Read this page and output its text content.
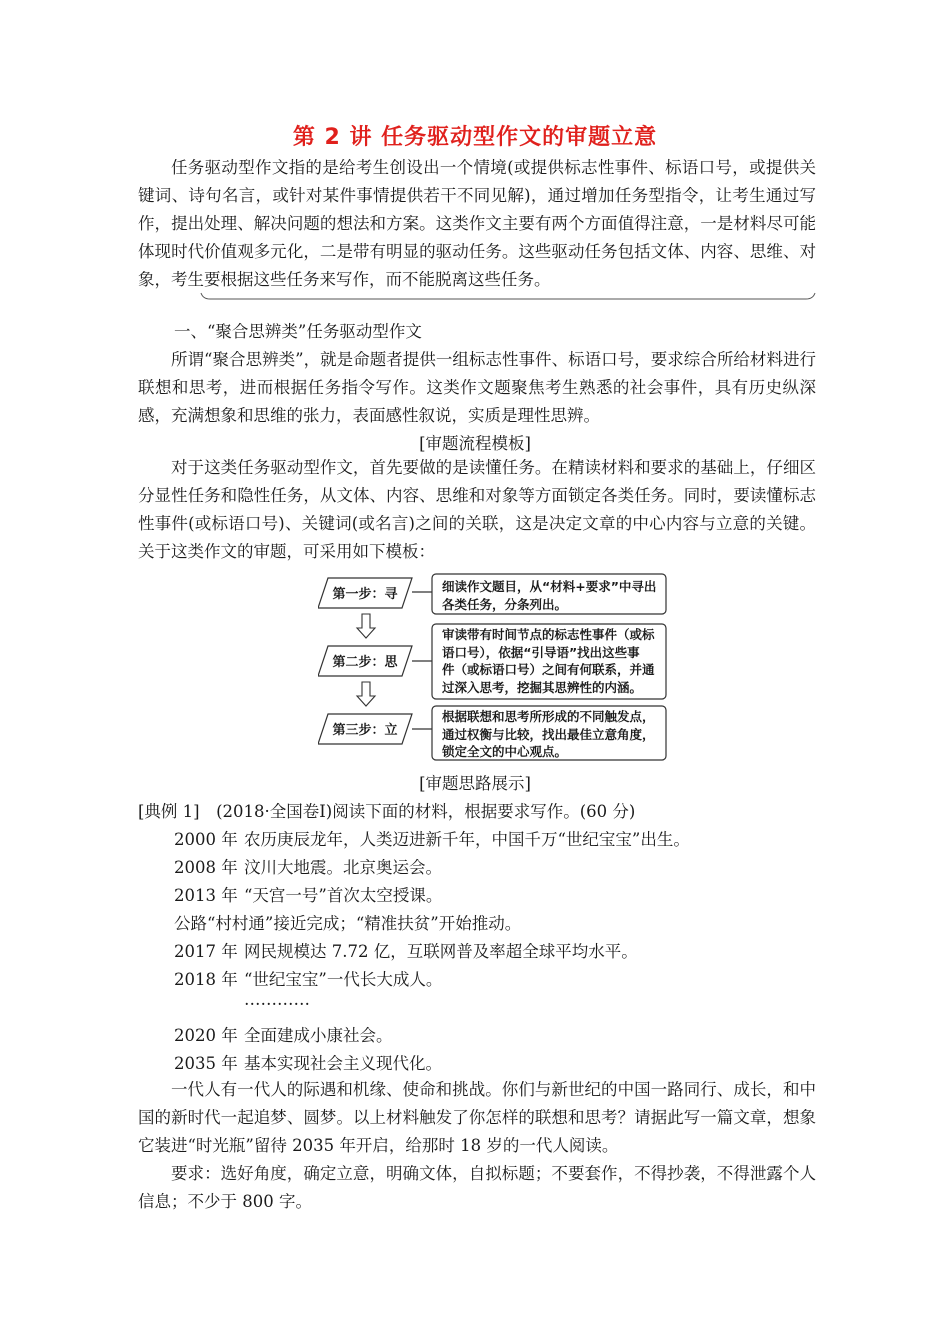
第 2 讲 任务驱动型作文的审题立意

任务驱动型作文指的是给考生创设出一个情境(或提供标志性事件、标语口号，或提供关键词、诗句名言，或针对某件事情提供若干不同见解)，通过增加任务型指令，让考生通过写作，提出处理、解决问题的想法和方案。这类作文主要有两个方面值得注意，一是材料尽可能体现时代价值观多元化，二是带有明显的驱动任务。这些驱动任务包括文体、内容、思维、对象，考生要根据这些任务来写作，而不能脱离这些任务。

一、“聚合思辨类”任务驱动型作文

所谓“聚合思辨类”，就是命题者提供一组标志性事件、标语口号，要求综合所给材料进行联想和思考，进而根据任务指令写作。这类作文题聚焦考生熟悉的社会事件，具有历史纵深感，充满想象和思维的张力，表面感性叙说，实质是理性思辨。

[审题流程模板]

对于这类任务驱动型作文，首先要做的是读懂任务。在精读材料和要求的基础上，仔细区分显性任务和隐性任务，从文体、内容、思维和对象等方面锁定各类任务。同时，要读懂标志性事件(或标语口号)、关键词(或名言)之间的关联，这是决定文章的中心内容与立意的关键。关于这类作文的审题，可采用如下模板：

第一步：寻
第二步：思
第三步：立
细读作文题目，从“材料+要求”中寻出
各类任务，分条列出。
审读带有时间节点的标志性事件（或标
语口号），依据“引导语”找出这些事
件（或标语口号）之间有何联系，并通
过深入思考，挖掘其思辨性的内涵。
根据联想和思考所形成的不同触发点，
通过权衡与比较，找出最佳立意角度，
锁定全文的中心观点。
[审题思路展示]
[典例 1]　(2018·全国卷Ⅰ)阅读下面的材料，根据要求写作。(60 分)
2000 年 农历庚辰龙年，人类迈进新千年，中国千万“世纪宝宝”出生。
2008 年 汶川大地震。北京奥运会。
2013 年 “天宫一号”首次太空授课。
公路“村村通”接近完成；“精准扶贫”开始推动。
2017 年 网民规模达 7.72 亿，互联网普及率超全球平均水平。
2018 年 “世纪宝宝”一代长大成人。
…………
2020 年 全面建成小康社会。
2035 年 基本实现社会主义现代化。

一代人有一代人的际遇和机缘、使命和挑战。你们与新世纪的中国一路同行、成长，和中国的新时代一起追梦、圆梦。以上材料触发了你怎样的联想和思考？请据此写一篇文章，想象它装进“时光瓶”留待 2035 年开启，给那时 18 岁的一代人阅读。

要求：选好角度，确定立意，明确文体，自拟标题；不要套作，不得抄袭，不得泄露个人信息；不少于 800 字。
